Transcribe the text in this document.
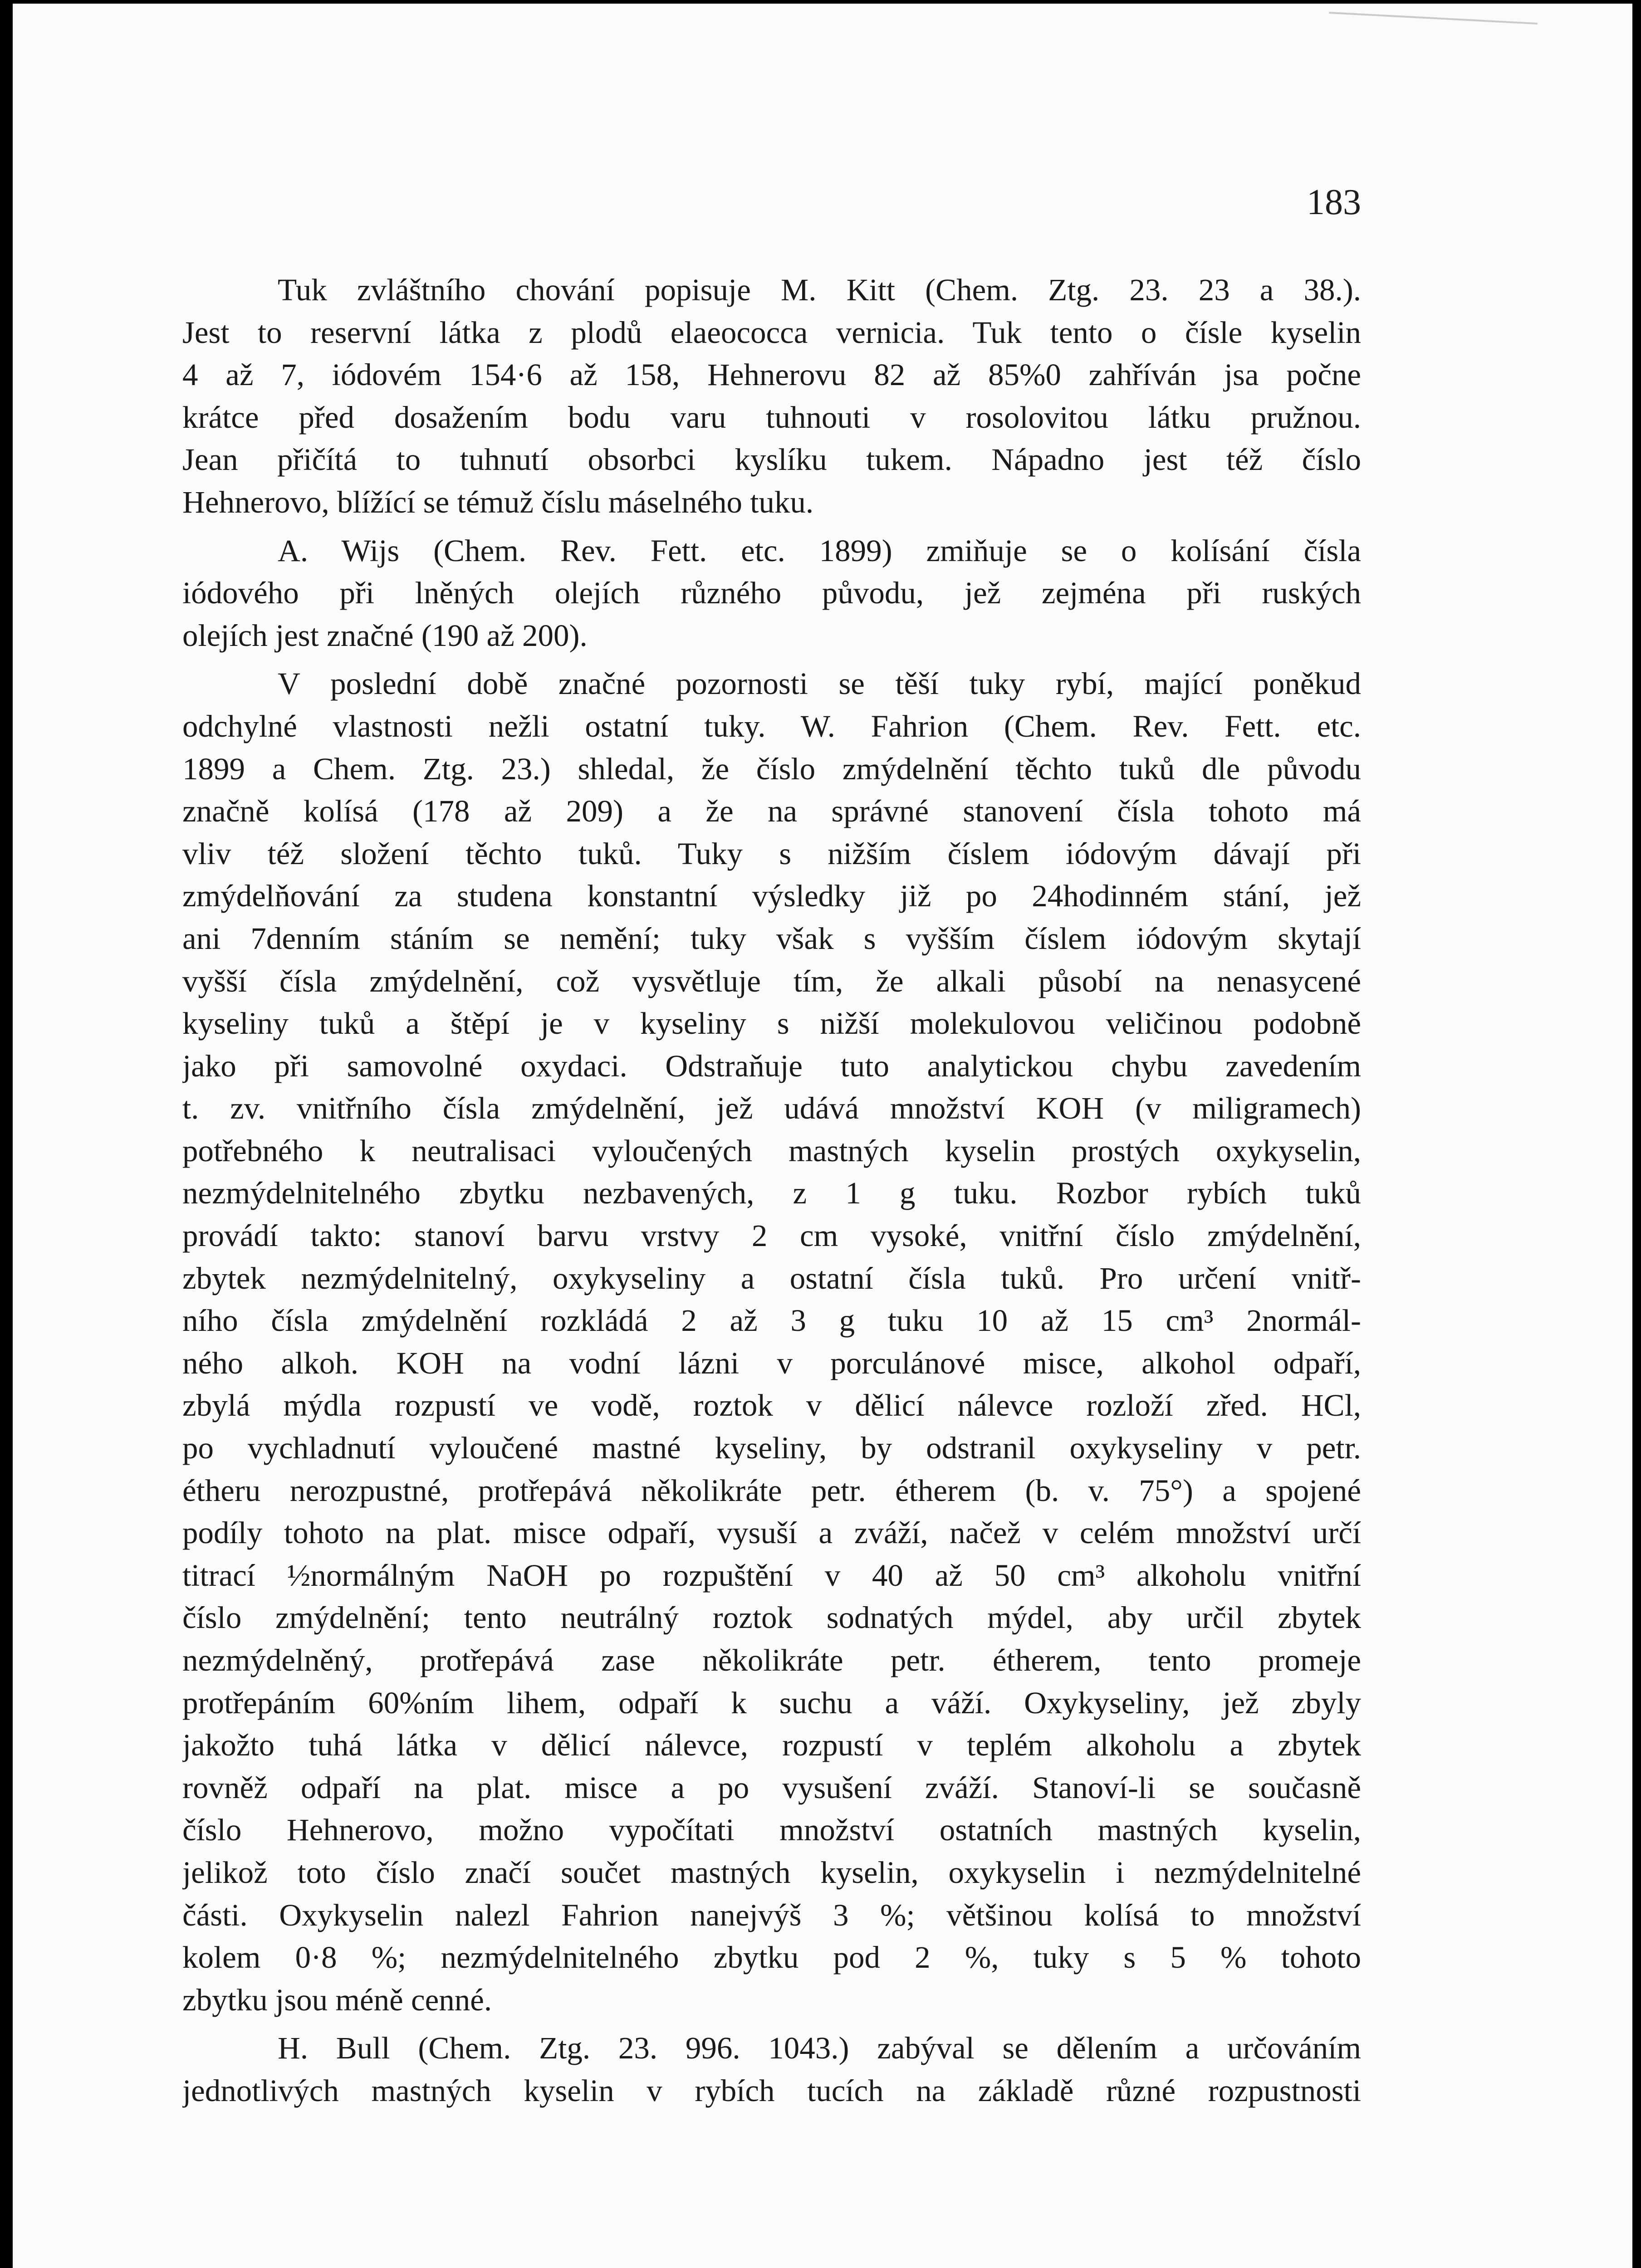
183

Tuk zvláštního chování popisuje M. Kitt (Chem. Ztg. 23. 23 a 38.).
Jest to reservní látka z plodů elaeococca vernicia. Tuk tento o čísle kyselin
4 až 7, iódovém 154·6 až 158, Hehnerovu 82 až 85%0 zahříván jsa počne
krátce před dosažením bodu varu tuhnouti v rosolovitou látku pružnou.
Jean přičítá to tuhnutí obsorbci kyslíku tukem. Nápadno jest též číslo
Hehnerovo, blížící se témuž číslu máselného tuku.

A. Wijs (Chem. Rev. Fett. etc. 1899) zmiňuje se o kolísání čísla
iódového při lněných olejích různého původu, jež zejména při ruských
olejích jest značné (190 až 200).

V poslední době značné pozornosti se těší tuky rybí, mající poněkud
odchylné vlastnosti nežli ostatní tuky. W. Fahrion (Chem. Rev. Fett. etc.
1899 a Chem. Ztg. 23.) shledal, že číslo zmýdelnění těchto tuků dle původu
značně kolísá (178 až 209) a že na správné stanovení čísla tohoto má
vliv též složení těchto tuků. Tuky s nižším číslem iódovým dávají při
zmýdelňování za studena konstantní výsledky již po 24hodinném stání, jež
ani 7denním stáním se nemění; tuky však s vyšším číslem iódovým skytají
vyšší čísla zmýdelnění, což vysvětluje tím, že alkali působí na nenasycené
kyseliny tuků a štěpí je v kyseliny s nižší molekulovou veličinou podobně
jako při samovolné oxydaci. Odstraňuje tuto analytickou chybu zavedením
t. zv. vnitřního čísla zmýdelnění, jež udává množství KOH (v miligramech)
potřebného k neutralisaci vyloučených mastných kyselin prostých oxykyselin,
nezmýdelnitelného zbytku nezbavených, z 1 g tuku. Rozbor rybích tuků
provádí takto: stanoví barvu vrstvy 2 cm vysoké, vnitřní číslo zmýdelnění,
zbytek nezmýdelnitelný, oxykyseliny a ostatní čísla tuků. Pro určení vnitř-
ního čísla zmýdelnění rozkládá 2 až 3 g tuku 10 až 15 cm³ 2normál-
ného alkoh. KOH na vodní lázni v porculánové misce, alkohol odpaří,
zbylá mýdla rozpustí ve vodě, roztok v dělicí nálevce rozloží zřed. HCl,
po vychladnutí vyloučené mastné kyseliny, by odstranil oxykyseliny v petr.
étheru nerozpustné, protřepává několikráte petr. étherem (b. v. 75°) a spojené
podíly tohoto na plat. misce odpaří, vysuší a zváží, načež v celém množství určí
titrací ½normálným NaOH po rozpuštění v 40 až 50 cm³ alkoholu vnitřní
číslo zmýdelnění; tento neutrálný roztok sodnatých mýdel, aby určil zbytek
nezmýdelněný, protřepává zase několikráte petr. étherem, tento promeje
protřepáním 60%ním lihem, odpaří k suchu a váží. Oxykyseliny, jež zbyly
jakožto tuhá látka v dělicí nálevce, rozpustí v teplém alkoholu a zbytek
rovněž odpaří na plat. misce a po vysušení zváží. Stanoví-li se současně
číslo Hehnerovo, možno vypočítati množství ostatních mastných kyselin,
jelikož toto číslo značí součet mastných kyselin, oxykyselin i nezmýdelnitelné
části. Oxykyselin nalezl Fahrion nanejvýš 3 %; většinou kolísá to množství
kolem 0·8 %; nezmýdelnitelného zbytku pod 2 %, tuky s 5 % tohoto
zbytku jsou méně cenné.

H. Bull (Chem. Ztg. 23. 996. 1043.) zabýval se dělením a určováním
jednotlivých mastných kyselin v rybích tucích na základě různé rozpustnosti
